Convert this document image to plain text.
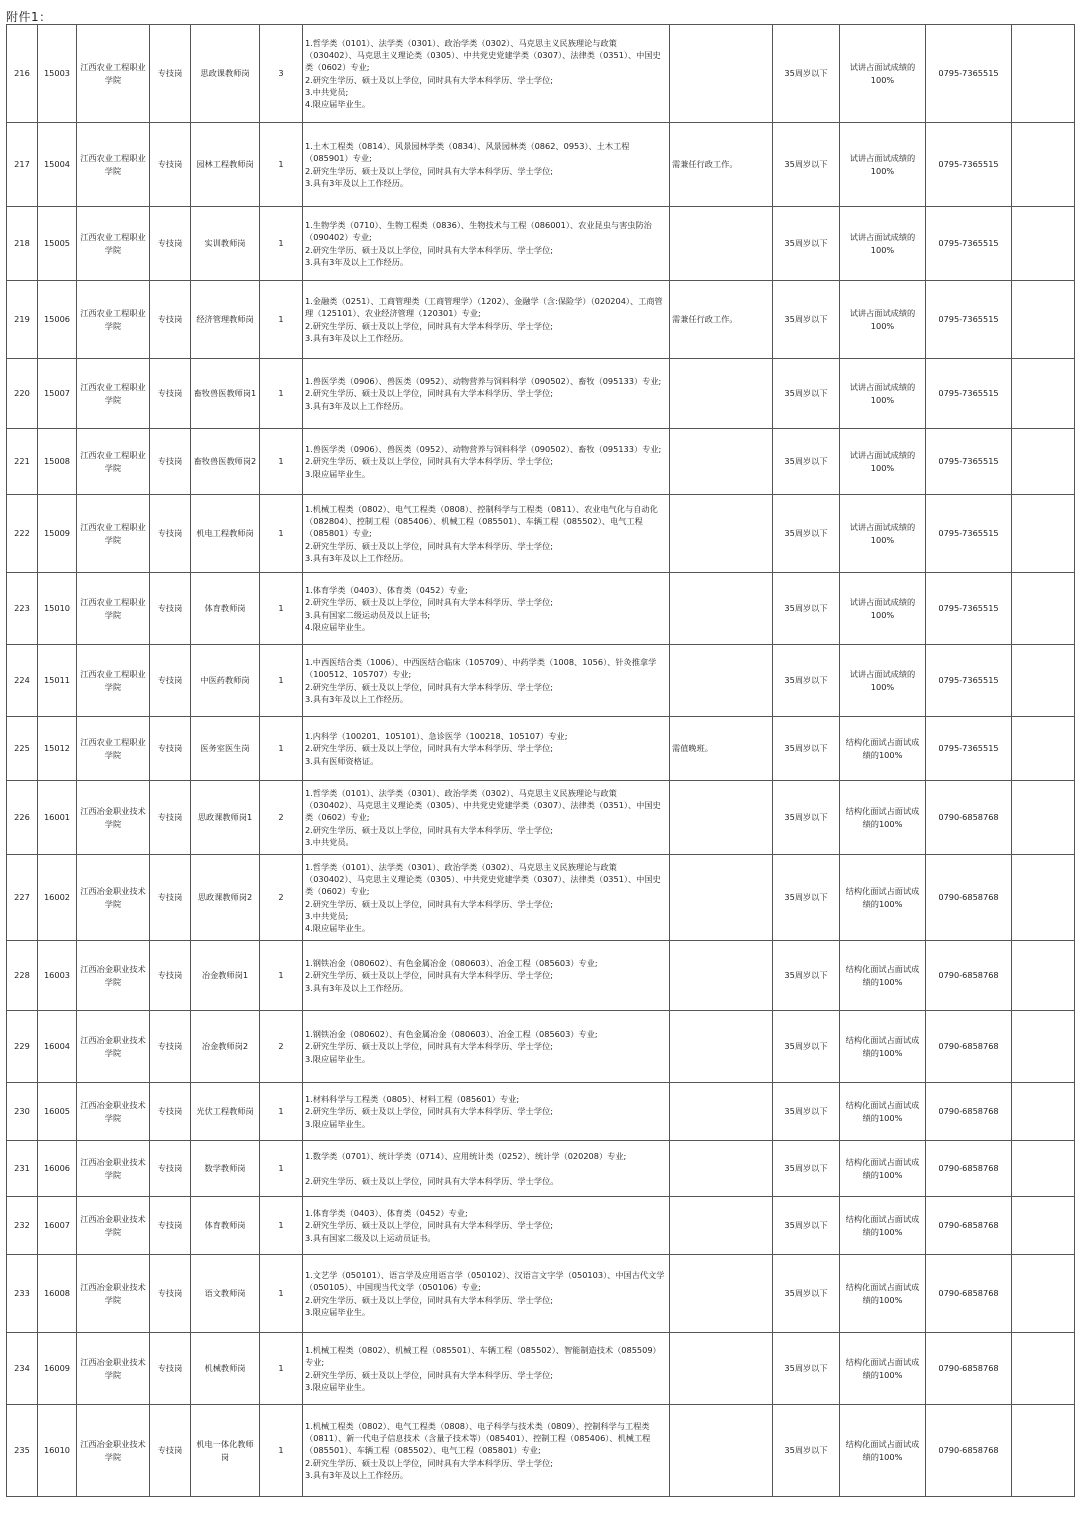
附件1：
216	15003	江西农业工程职业学院	专技岗	思政课教师岗	3	1.哲学类（0101）、法学类（0301）、政治学类（0302）、马克思主义民族理论与政策（030402）、马克思主义理论类（0305）、中共党史党建学类（0307）、法律类（0351）、中国史类（0602）专业;
2.研究生学历、硕士及以上学位，同时具有大学本科学历、学士学位;
3.中共党员;
4.限应届毕业生。		35周岁以下	试讲占面试成绩的100%	0795-7365515	
217	15004	江西农业工程职业学院	专技岗	园林工程教师岗	1	1.土木工程类（0814）、风景园林学类（0834）、风景园林类（0862、0953）、土木工程（085901）专业;
2.研究生学历、硕士及以上学位，同时具有大学本科学历、学士学位;
3.具有3年及以上工作经历。	需兼任行政工作。	35周岁以下	试讲占面试成绩的100%	0795-7365515	
218	15005	江西农业工程职业学院	专技岗	实训教师岗	1	1.生物学类（0710）、生物工程类（0836）、生物技术与工程（086001）、农业昆虫与害虫防治（090402）专业;
2.研究生学历、硕士及以上学位，同时具有大学本科学历、学士学位;
3.具有3年及以上工作经历。		35周岁以下	试讲占面试成绩的100%	0795-7365515	
219	15006	江西农业工程职业学院	专技岗	经济管理教师岗	1	1.金融类（0251）、工商管理类（工商管理学）（1202）、金融学（含:保险学）（020204）、工商管理（125101）、农业经济管理（120301）专业;
2.研究生学历、硕士及以上学位，同时具有大学本科学历、学士学位;
3.具有3年及以上工作经历。	需兼任行政工作。	35周岁以下	试讲占面试成绩的100%	0795-7365515	
220	15007	江西农业工程职业学院	专技岗	畜牧兽医教师岗1	1	1.兽医学类（0906）、兽医类（0952）、动物营养与饲料科学（090502）、畜牧（095133）专业;
2.研究生学历、硕士及以上学位，同时具有大学本科学历、学士学位;
3.具有3年及以上工作经历。		35周岁以下	试讲占面试成绩的100%	0795-7365515	
221	15008	江西农业工程职业学院	专技岗	畜牧兽医教师岗2	1	1.兽医学类（0906）、兽医类（0952）、动物营养与饲料科学（090502）、畜牧（095133）专业;
2.研究生学历、硕士及以上学位，同时具有大学本科学历、学士学位;
3.限应届毕业生。		35周岁以下	试讲占面试成绩的100%	0795-7365515	
222	15009	江西农业工程职业学院	专技岗	机电工程教师岗	1	1.机械工程类（0802）、电气工程类（0808）、控制科学与工程类（0811）、农业电气化与自动化（082804）、控制工程（085406）、机械工程（085501）、车辆工程（085502）、电气工程（085801）专业;
2.研究生学历、硕士及以上学位，同时具有大学本科学历、学士学位;
3.具有3年及以上工作经历。		35周岁以下	试讲占面试成绩的100%	0795-7365515	
223	15010	江西农业工程职业学院	专技岗	体育教师岗	1	1.体育学类（0403）、体育类（0452）专业;
2.研究生学历、硕士及以上学位，同时具有大学本科学历、学士学位;
3.具有国家二级运动员及以上证书;
4.限应届毕业生。		35周岁以下	试讲占面试成绩的100%	0795-7365515	
224	15011	江西农业工程职业学院	专技岗	中医药教师岗	1	1.中西医结合类（1006）、中西医结合临床（105709）、中药学类（1008、1056）、针灸推拿学（100512、105707）专业;
2.研究生学历、硕士及以上学位，同时具有大学本科学历、学士学位;
3.具有3年及以上工作经历。		35周岁以下	试讲占面试成绩的100%	0795-7365515	
225	15012	江西农业工程职业学院	专技岗	医务室医生岗	1	1.内科学（100201、105101）、急诊医学（100218、105107）专业;
2.研究生学历、硕士及以上学位，同时具有大学本科学历、学士学位;
3.具有医师资格证。	需值晚班。	35周岁以下	结构化面试占面试成绩的100%	0795-7365515	
226	16001	江西冶金职业技术学院	专技岗	思政课教师岗1	2	1.哲学类（0101）、法学类（0301）、政治学类（0302）、马克思主义民族理论与政策（030402）、马克思主义理论类（0305）、中共党史党建学类（0307）、法律类（0351）、中国史类（0602）专业;
2.研究生学历、硕士及以上学位，同时具有大学本科学历、学士学位;
3.中共党员。		35周岁以下	结构化面试占面试成绩的100%	0790-6858768	
227	16002	江西冶金职业技术学院	专技岗	思政课教师岗2	2	1.哲学类（0101）、法学类（0301）、政治学类（0302）、马克思主义民族理论与政策（030402）、马克思主义理论类（0305）、中共党史党建学类（0307）、法律类（0351）、中国史类（0602）专业;
2.研究生学历、硕士及以上学位，同时具有大学本科学历、学士学位;
3.中共党员;
4.限应届毕业生。		35周岁以下	结构化面试占面试成绩的100%	0790-6858768	
228	16003	江西冶金职业技术学院	专技岗	冶金教师岗1	1	1.钢铁冶金（080602）、有色金属冶金（080603）、冶金工程（085603）专业;
2.研究生学历、硕士及以上学位，同时具有大学本科学历、学士学位;
3.具有3年及以上工作经历。		35周岁以下	结构化面试占面试成绩的100%	0790-6858768	
229	16004	江西冶金职业技术学院	专技岗	冶金教师岗2	2	1.钢铁冶金（080602）、有色金属冶金（080603）、冶金工程（085603）专业;
2.研究生学历、硕士及以上学位，同时具有大学本科学历、学士学位;
3.限应届毕业生。		35周岁以下	结构化面试占面试成绩的100%	0790-6858768	
230	16005	江西冶金职业技术学院	专技岗	光伏工程教师岗	1	1.材料科学与工程类（0805）、材料工程（085601）专业;
2.研究生学历、硕士及以上学位，同时具有大学本科学历、学士学位;
3.限应届毕业生。		35周岁以下	结构化面试占面试成绩的100%	0790-6858768	
231	16006	江西冶金职业技术学院	专技岗	数学教师岗	1	1.数学类（0701）、统计学类（0714）、应用统计类（0252）、统计学（020208）专业;

2.研究生学历、硕士及以上学位，同时具有大学本科学历、学士学位。		35周岁以下	结构化面试占面试成绩的100%	0790-6858768	
232	16007	江西冶金职业技术学院	专技岗	体育教师岗	1	1.体育学类（0403）、体育类（0452）专业;
2.研究生学历、硕士及以上学位，同时具有大学本科学历、学士学位;
3.具有国家二级及以上运动员证书。		35周岁以下	结构化面试占面试成绩的100%	0790-6858768	
233	16008	江西冶金职业技术学院	专技岗	语文教师岗	1	1.文艺学（050101）、语言学及应用语言学（050102）、汉语言文字学（050103）、中国古代文学（050105）、中国现当代文学（050106）专业;
2.研究生学历、硕士及以上学位，同时具有大学本科学历、学士学位;
3.限应届毕业生。		35周岁以下	结构化面试占面试成绩的100%	0790-6858768	
234	16009	江西冶金职业技术学院	专技岗	机械教师岗	1	1.机械工程类（0802）、机械工程（085501）、车辆工程（085502）、智能制造技术（085509）专业;
2.研究生学历、硕士及以上学位，同时具有大学本科学历、学士学位;
3.限应届毕业生。		35周岁以下	结构化面试占面试成绩的100%	0790-6858768	
235	16010	江西冶金职业技术学院	专技岗	机电一体化教师岗	1	1.机械工程类（0802）、电气工程类（0808）、电子科学与技术类（0809）、控制科学与工程类（0811）、新一代电子信息技术（含量子技术等）（085401）、控制工程（085406）、机械工程（085501）、车辆工程（085502）、电气工程（085801）专业;
2.研究生学历、硕士及以上学位，同时具有大学本科学历、学士学位;
3.具有3年及以上工作经历。		35周岁以下	结构化面试占面试成绩的100%	0790-6858768	
